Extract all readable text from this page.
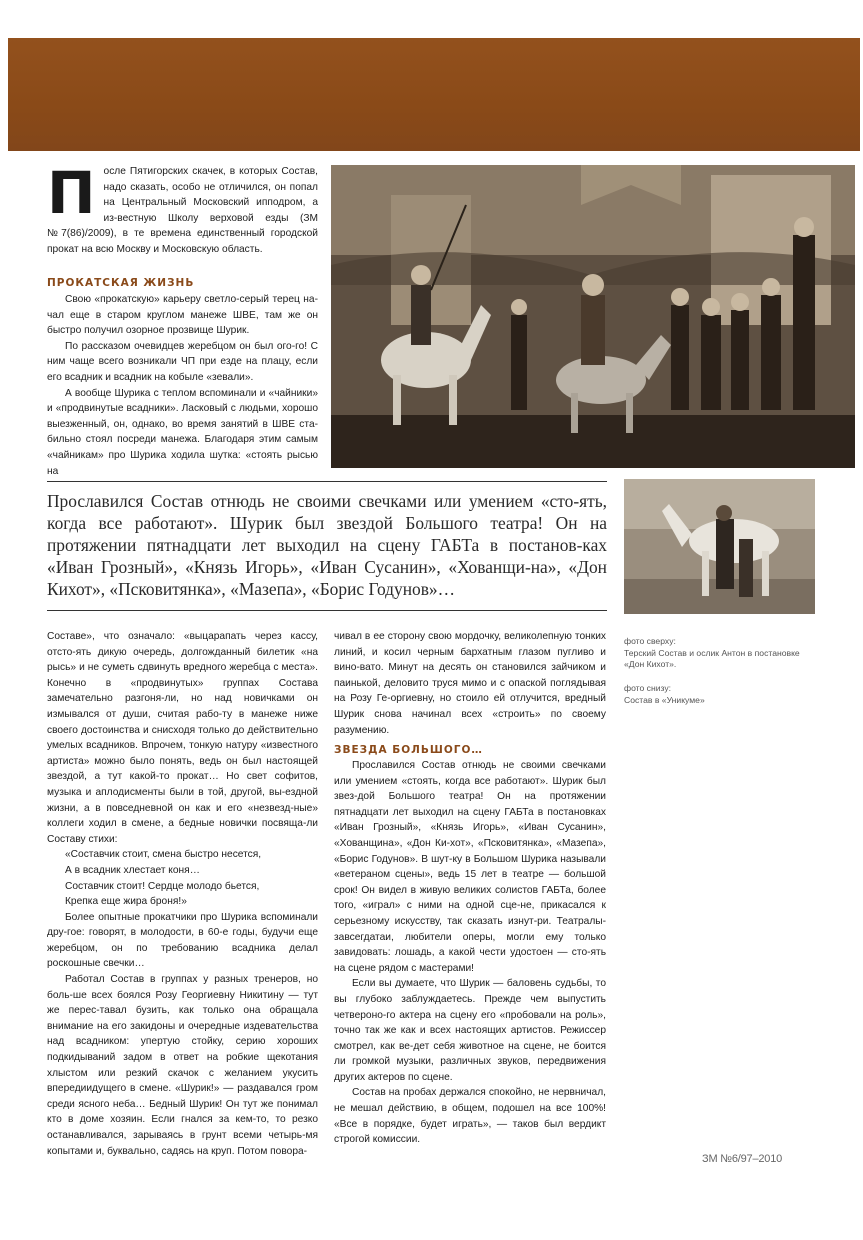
П осле Пятигорских скачек, в которых Состав, надо сказать, особо не отличился, он попал на Центральный Московский ипподром, а из-вестную Школу верховой езды (ЗМ №7(86)/2009), в те времена единственный городской прокат на всю Москву и Московскую область.

ПРОКАТСКАЯ ЖИЗНЬ

Свою «прокатскую» карьеру светло-серый терец на-чал еще в старом круглом манеже ШВЕ, там же он быстро получил озорное прозвище Шурик.

По рассказом очевидцев жеребцом он был ого-го! С ним чаще всего возникали ЧП при езде на плацу, если его всадник и всадник на кобыле «зевали».

А вообще Шурика с теплом вспоминали и «чайники» и «продвинутые всадники». Ласковый с людьми, хорошо выезженный, он, однако, во время занятий в ШВЕ ста-бильно стоял посреди манежа. Благодаря этим самым «чайникам» про Шурика ходила шутка: «стоять рысью на

Прославился Состав отнюдь не своими свечками или умением «сто-ять, когда все работают». Шурик был звездой Большого театра! Он на протяжении пятнадцати лет выходил на сцену ГАБТа в постанов-ках «Иван Грозный», «Князь Игорь», «Иван Сусанин», «Хованщи-на», «Дон Кихот», «Псковитянка», «Мазепа», «Борис Годунов»…

Составе», что означало: «выцарапать через кассу, отсто-ять дикую очередь, долгожданный билетик «на рысь» и не суметь сдвинуть вредного жеребца с места». Конечно в «продвинутых» группах Состава замечательно разгоня-ли, но над новичками он измывался от души, считая рабо-ту в манеже ниже своего достоинства и снисходя только до действительно умелых всадников. Впрочем, тонкую натуру «известного артиста» можно было понять, ведь он был настоящей звездой, а тут какой-то прокат… Но свет софитов, музыка и аплодисменты были в той, другой, вы-ездной жизни, а в повседневной он как и его «незвезд-ные» коллеги ходил в смене, а бедные новички посвяща-ли Составу стихи:

«Составчик стоит, смена быстро несется,

А в всадник хлестает коня…

Составчик стоит! Сердце молодо бьется,

Крепка еще жира броня!»

Более опытные прокатчики про Шурика вспоминали дру-гое: говорят, в молодости, в 60-е годы, будучи еще жеребцом, он по требованию всадника делал роскошные свечки…

Работал Состав в группах у разных тренеров, но боль-ше всех боялся Розу Георгиевну Никитину — тут же перес-тавал бузить, как только она обращала внимание на его закидоны и очередные издевательства над всадником: упертую стойку, серию хороших подкидываний задом в ответ на робкие щекотания хлыстом или резкий скачок с желанием укусить впередиидущего в смене. «Шурик!» — раздавался гром среди ясного неба… Бедный Шурик! Он тут же понимал кто в доме хозяин. Если гнался за кем-то, то резко останавливался, зарываясь в грунт всеми четырь-мя копытами и, буквально, садясь на круп. Потом повора-

чивал в ее сторону свою мордочку, великолепную тонких линий, и косил черным бархатным глазом пугливо и вино-вато. Минут на десять он становился зайчиком и паинькой, деловито труся мимо и с опаской поглядывая на Розу Ге-оргиевну, но стоило ей отлучится, вредный Шурик снова начинал всех «строить» по своему разумению.

ЗВЕЗДА БОЛЬШОГО…

Прославился Состав отнюдь не своими свечками или умением «стоять, когда все работают». Шурик был звез-дой Большого театра! Он на протяжении пятнадцати лет выходил на сцену ГАБТа в постановках «Иван Грозный», «Князь Игорь», «Иван Сусанин», «Хованщина», «Дон Ки-хот», «Псковитянка», «Мазепа», «Борис Годунов». В шут-ку в Большом Шурика называли «ветераном сцены», ведь 15 лет в театре — большой срок! Он видел в живую великих солистов ГАБТа, более того, «играл» с ними на одной сце-не, прикасался к серьезному искусству, так сказать изнут-ри. Театралы-завсегдатаи, любители оперы, могли ему только завидовать: лошадь, а какой чести удостоен — сто-ять на сцене рядом с мастерами!

Если вы думаете, что Шурик — баловень судьбы, то вы глубоко заблуждаетесь. Прежде чем выпустить четвероно-го актера на сцену его «пробовали на роль», точно так же как и всех настоящих артистов. Режиссер смотрел, как ве-дет себя животное на сцене, не боится ли громкой музыки, различных звуков, передвижения других актеров по сцене.

Состав на пробах держался спокойно, не нервничал, не мешал действию, в общем, подошел на все 100%! «Все в порядке, будет играть», — таков был вердикт строгой комиссии.

фото сверху:
Терский Состав и ослик Антон в постановке «Дон Кихот».
фото снизу:
Состав в «Уникуме»
ЗМ №6/97–2010
